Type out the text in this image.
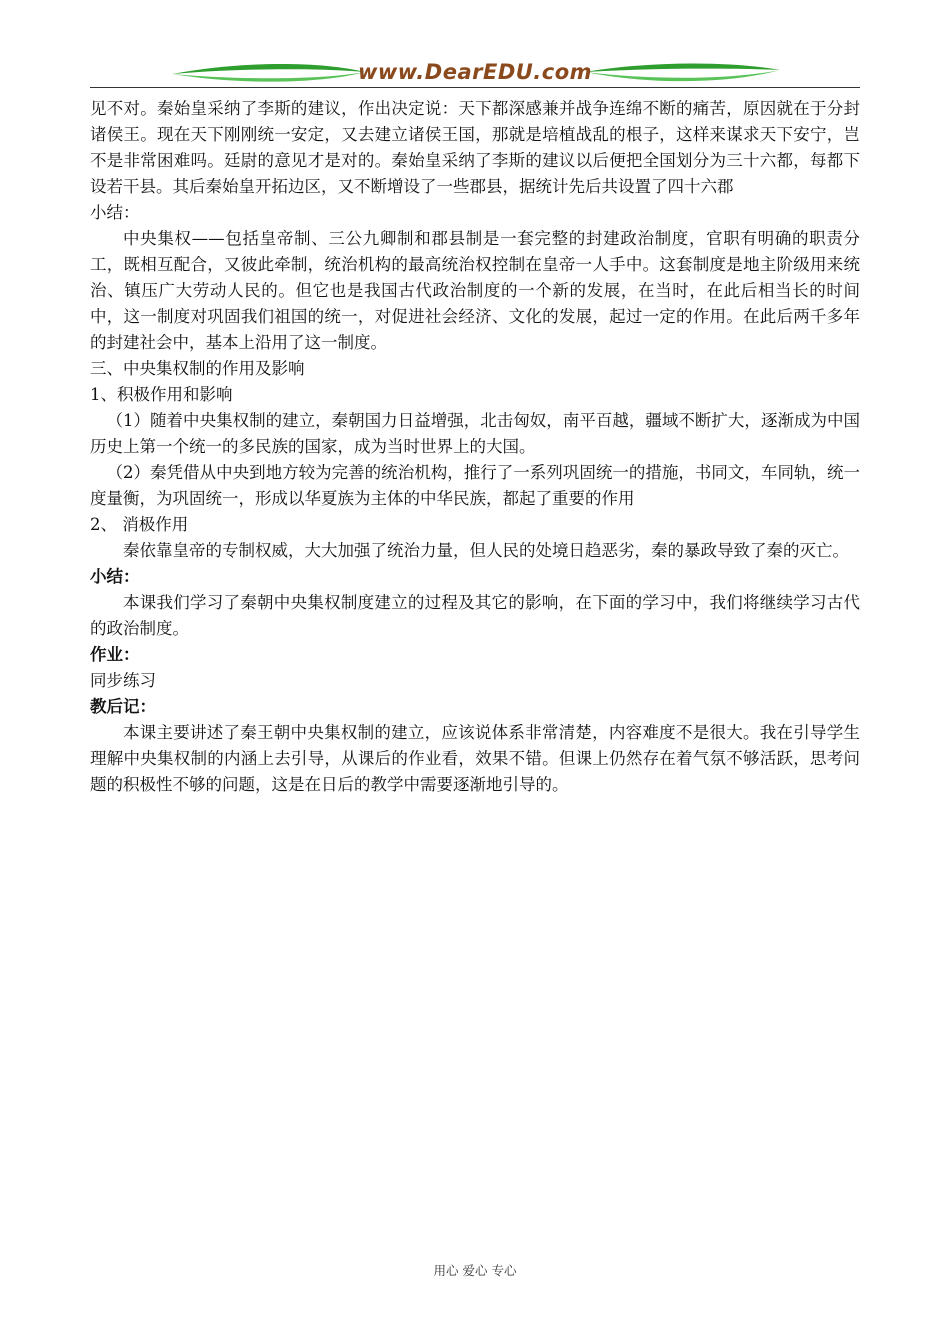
www.DearEDU.com

见不对。秦始皇采纳了李斯的建议，作出决定说：天下都深感兼并战争连绵不断的痛苦，原因就在于分封诸侯王。现在天下刚刚统一安定，又去建立诸侯王国，那就是培植战乱的根子，这样来谋求天下安宁，岂不是非常困难吗。廷尉的意见才是对的。秦始皇采纳了李斯的建议以后便把全国划分为三十六都，每都下设若干县。其后秦始皇开拓边区，又不断增设了一些郡县，据统计先后共设置了四十六郡

小结：

中央集权——包括皇帝制、三公九卿制和郡县制是一套完整的封建政治制度，官职有明确的职责分工，既相互配合，又彼此牵制，统治机构的最高统治权控制在皇帝一人手中。这套制度是地主阶级用来统治、镇压广大劳动人民的。但它也是我国古代政治制度的一个新的发展，在当时，在此后相当长的时间中，这一制度对巩固我们祖国的统一，对促进社会经济、文化的发展，起过一定的作用。在此后两千多年的封建社会中，基本上沿用了这一制度。

三、中央集权制的作用及影响

1、积极作用和影响

（1）随着中央集权制的建立，秦朝国力日益增强，北击匈奴，南平百越，疆域不断扩大，逐渐成为中国历史上第一个统一的多民族的国家，成为当时世界上的大国。

（2）秦凭借从中央到地方较为完善的统治机构，推行了一系列巩固统一的措施，书同文，车同轨，统一度量衡，为巩固统一，形成以华夏族为主体的中华民族，都起了重要的作用

2、 消极作用

秦依靠皇帝的专制权威，大大加强了统治力量，但人民的处境日趋恶劣，秦的暴政导致了秦的灭亡。

小结：

本课我们学习了秦朝中央集权制度建立的过程及其它的影响，在下面的学习中，我们将继续学习古代的政治制度。

作业：

同步练习

教后记：

本课主要讲述了秦王朝中央集权制的建立，应该说体系非常清楚，内容难度不是很大。我在引导学生理解中央集权制的内涵上去引导，从课后的作业看，效果不错。但课上仍然存在着气氛不够活跃，思考问题的积极性不够的问题，这是在日后的教学中需要逐渐地引导的。

用心 爱心 专心
